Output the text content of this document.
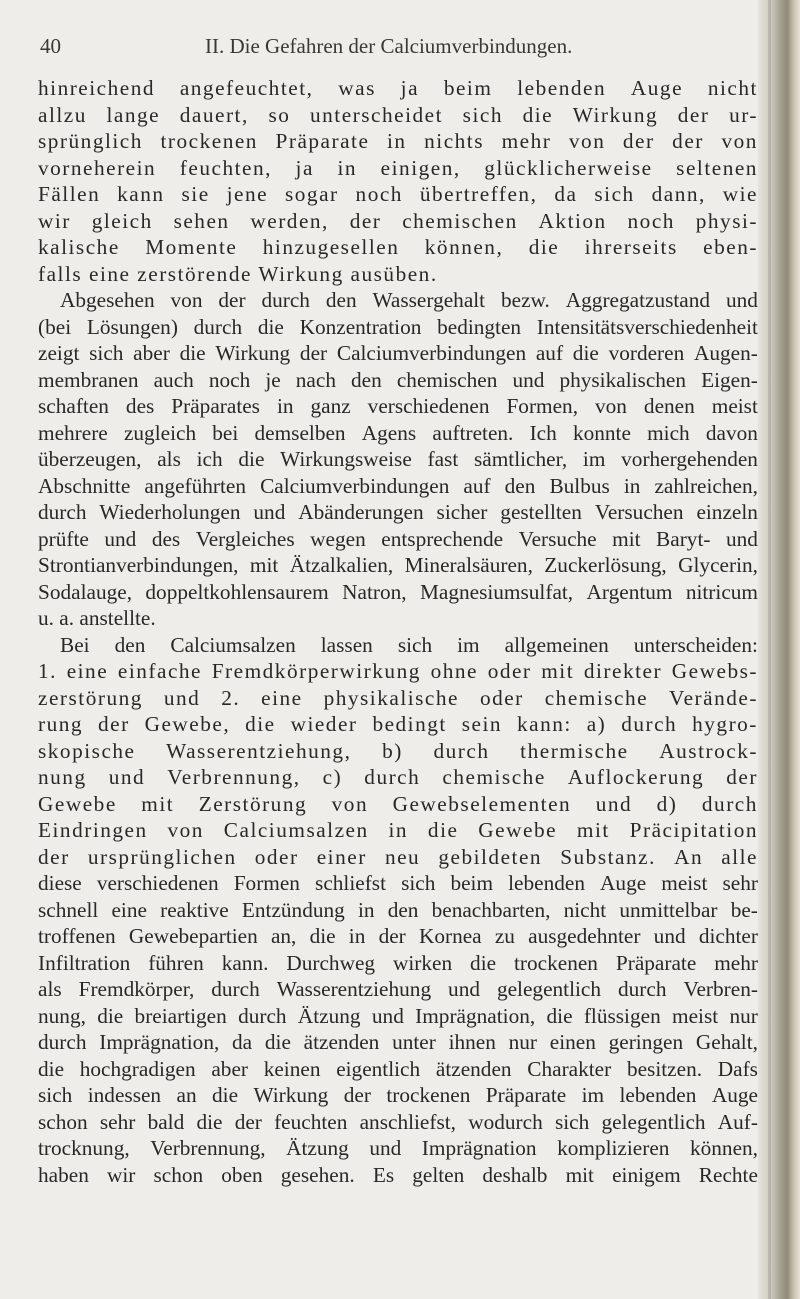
40	II. Die Gefahren der Calciumverbindungen.
hinreichend angefeuchtet, was ja beim lebenden Auge nicht
allzu lange dauert, so unterscheidet sich die Wirkung der ur-
sprünglich trockenen Präparate in nichts mehr von der der von
vorneherein feuchten, ja in einigen, glücklicherweise seltenen
Fällen kann sie jene sogar noch übertreffen, da sich dann, wie
wir gleich sehen werden, der chemischen Aktion noch physi-
kalische Momente hinzugesellen können, die ihrerseits eben-
falls eine zerstörende Wirkung ausüben.
Abgesehen von der durch den Wassergehalt bezw. Aggregatzustand und
(bei Lösungen) durch die Konzentration bedingten Intensitätsverschiedenheit
zeigt sich aber die Wirkung der Calciumverbindungen auf die vorderen Augen-
membranen auch noch je nach den chemischen und physikalischen Eigen-
schaften des Präparates in ganz verschiedenen Formen, von denen meist
mehrere zugleich bei demselben Agens auftreten. Ich konnte mich davon
überzeugen, als ich die Wirkungsweise fast sämtlicher, im vorhergehenden
Abschnitte angeführten Calciumverbindungen auf den Bulbus in zahlreichen,
durch Wiederholungen und Abänderungen sicher gestellten Versuchen einzeln
prüfte und des Vergleiches wegen entsprechende Versuche mit Baryt- und
Strontianverbindungen, mit Ätzalkalien, Mineralsäuren, Zuckerlösung, Glycerin,
Sodalauge, doppeltkohlensaurem Natron, Magnesiumsulfat, Argentum nitricum
u. a. anstellte.
Bei den Calciumsalzen lassen sich im allgemeinen unterscheiden:
1. eine einfache Fremdkörperwirkung ohne oder mit direkter Gewebs-
zerstörung und 2. eine physikalische oder chemische Verände-
rung der Gewebe, die wieder bedingt sein kann: a) durch hygro-
skopische Wasserentziehung, b) durch thermische Austrock-
nung und Verbrennung, c) durch chemische Auflockerung der
Gewebe mit Zerstörung von Gewebselementen und d) durch
Eindringen von Calciumsalzen in die Gewebe mit Präcipitation
der ursprünglichen oder einer neu gebildeten Substanz. An alle
diese verschiedenen Formen schliefst sich beim lebenden Auge meist sehr
schnell eine reaktive Entzündung in den benachbarten, nicht unmittelbar be-
troffenen Gewebepartien an, die in der Kornea zu ausgedehnter und dichter
Infiltration führen kann. Durchweg wirken die trockenen Präparate mehr
als Fremdkörper, durch Wasserentziehung und gelegentlich durch Verbren-
nung, die breiartigen durch Ätzung und Imprägnation, die flüssigen meist nur
durch Imprägnation, da die ätzenden unter ihnen nur einen geringen Gehalt,
die hochgradigen aber keinen eigentlich ätzenden Charakter besitzen. Dafs
sich indessen an die Wirkung der trockenen Präparate im lebenden Auge
schon sehr bald die der feuchten anschliefst, wodurch sich gelegentlich Auf-
trocknung, Verbrennung, Ätzung und Imprägnation komplizieren können,
haben wir schon oben gesehen. Es gelten deshalb mit einigem Rechte
